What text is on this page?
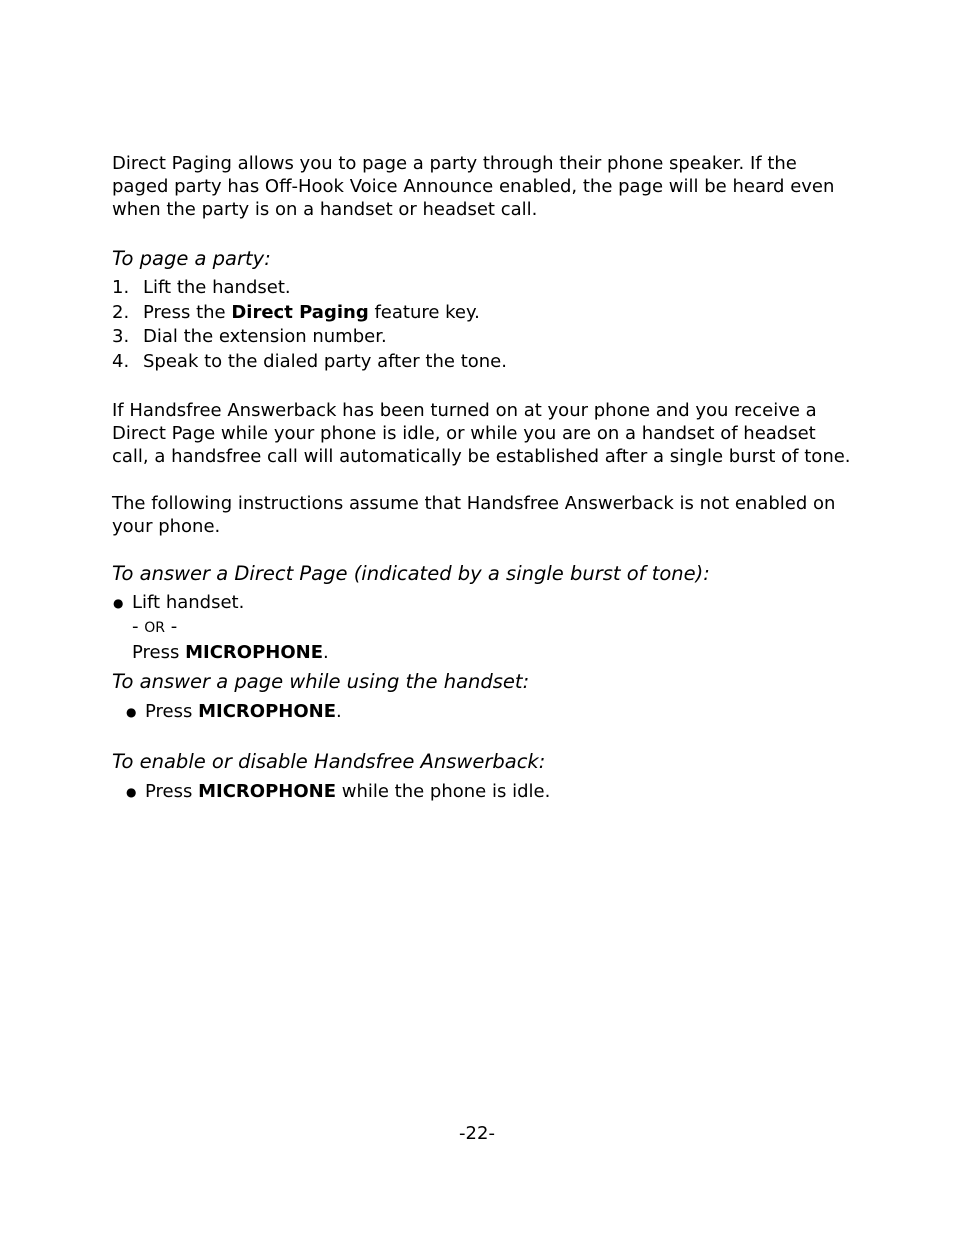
Direct Paging allows you to page a party through their phone speaker. If the paged party has Off-Hook Voice Announce enabled, the page will be heard even when the party is on a handset or headset call.

To page a party:

1. Lift the handset.
2. Press the Direct Paging feature key.
3. Dial the extension number.
4. Speak to the dialed party after the tone.

If Handsfree Answerback has been turned on at your phone and you receive a Direct Page while your phone is idle, or while you are on a handset of headset call, a handsfree call will automatically be established after a single burst of tone.

The following instructions assume that Handsfree Answerback is not enabled on your phone.

To answer a Direct Page (indicated by a single burst of tone):

● Lift handset.
- OR -
Press MICROPHONE.

To answer a page while using the handset:

● Press MICROPHONE.

To enable or disable Handsfree Answerback:

● Press MICROPHONE while the phone is idle.
-22-
